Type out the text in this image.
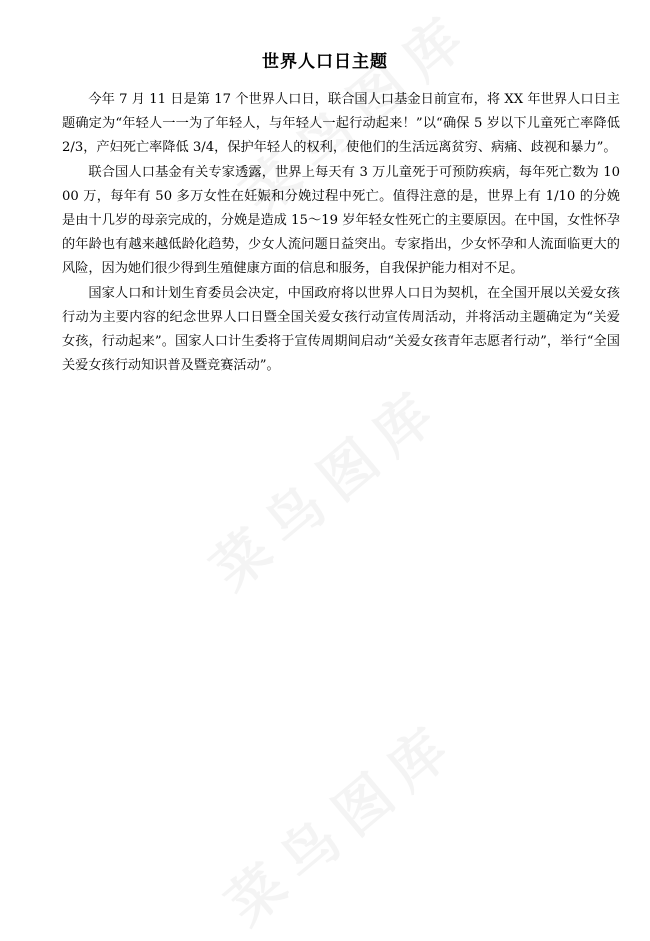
世界人口日主题

今年 7 月 11 日是第 17 个世界人口日，联合国人口基金日前宣布，将 XX 年世界人口日主题确定为“年轻人一一为了年轻人，与年轻人一起行动起来！”以“确保 5 岁以下儿童死亡率降低 2/3，产妇死亡率降低 3/4，保护年轻人的权利，使他们的生活远离贫穷、病痛、歧视和暴力”。

联合国人口基金有关专家透露，世界上每天有 3 万儿童死于可预防疾病，每年死亡数为 1000 万，每年有 50 多万女性在妊娠和分娩过程中死亡。值得注意的是，世界上有 1/10 的分娩是由十几岁的母亲完成的，分娩是造成 15～19 岁年轻女性死亡的主要原因。在中国，女性怀孕的年龄也有越来越低龄化趋势，少女人流问题日益突出。专家指出，少女怀孕和人流面临更大的风险，因为她们很少得到生殖健康方面的信息和服务，自我保护能力相对不足。

国家人口和计划生育委员会决定，中国政府将以世界人口日为契机，在全国开展以关爱女孩行动为主要内容的纪念世界人口日暨全国关爱女孩行动宣传周活动，并将活动主题确定为“关爱女孩，行动起来”。国家人口计生委将于宣传周期间启动“关爱女孩青年志愿者行动”，举行“全国关爱女孩行动知识普及暨竞赛活动”。
